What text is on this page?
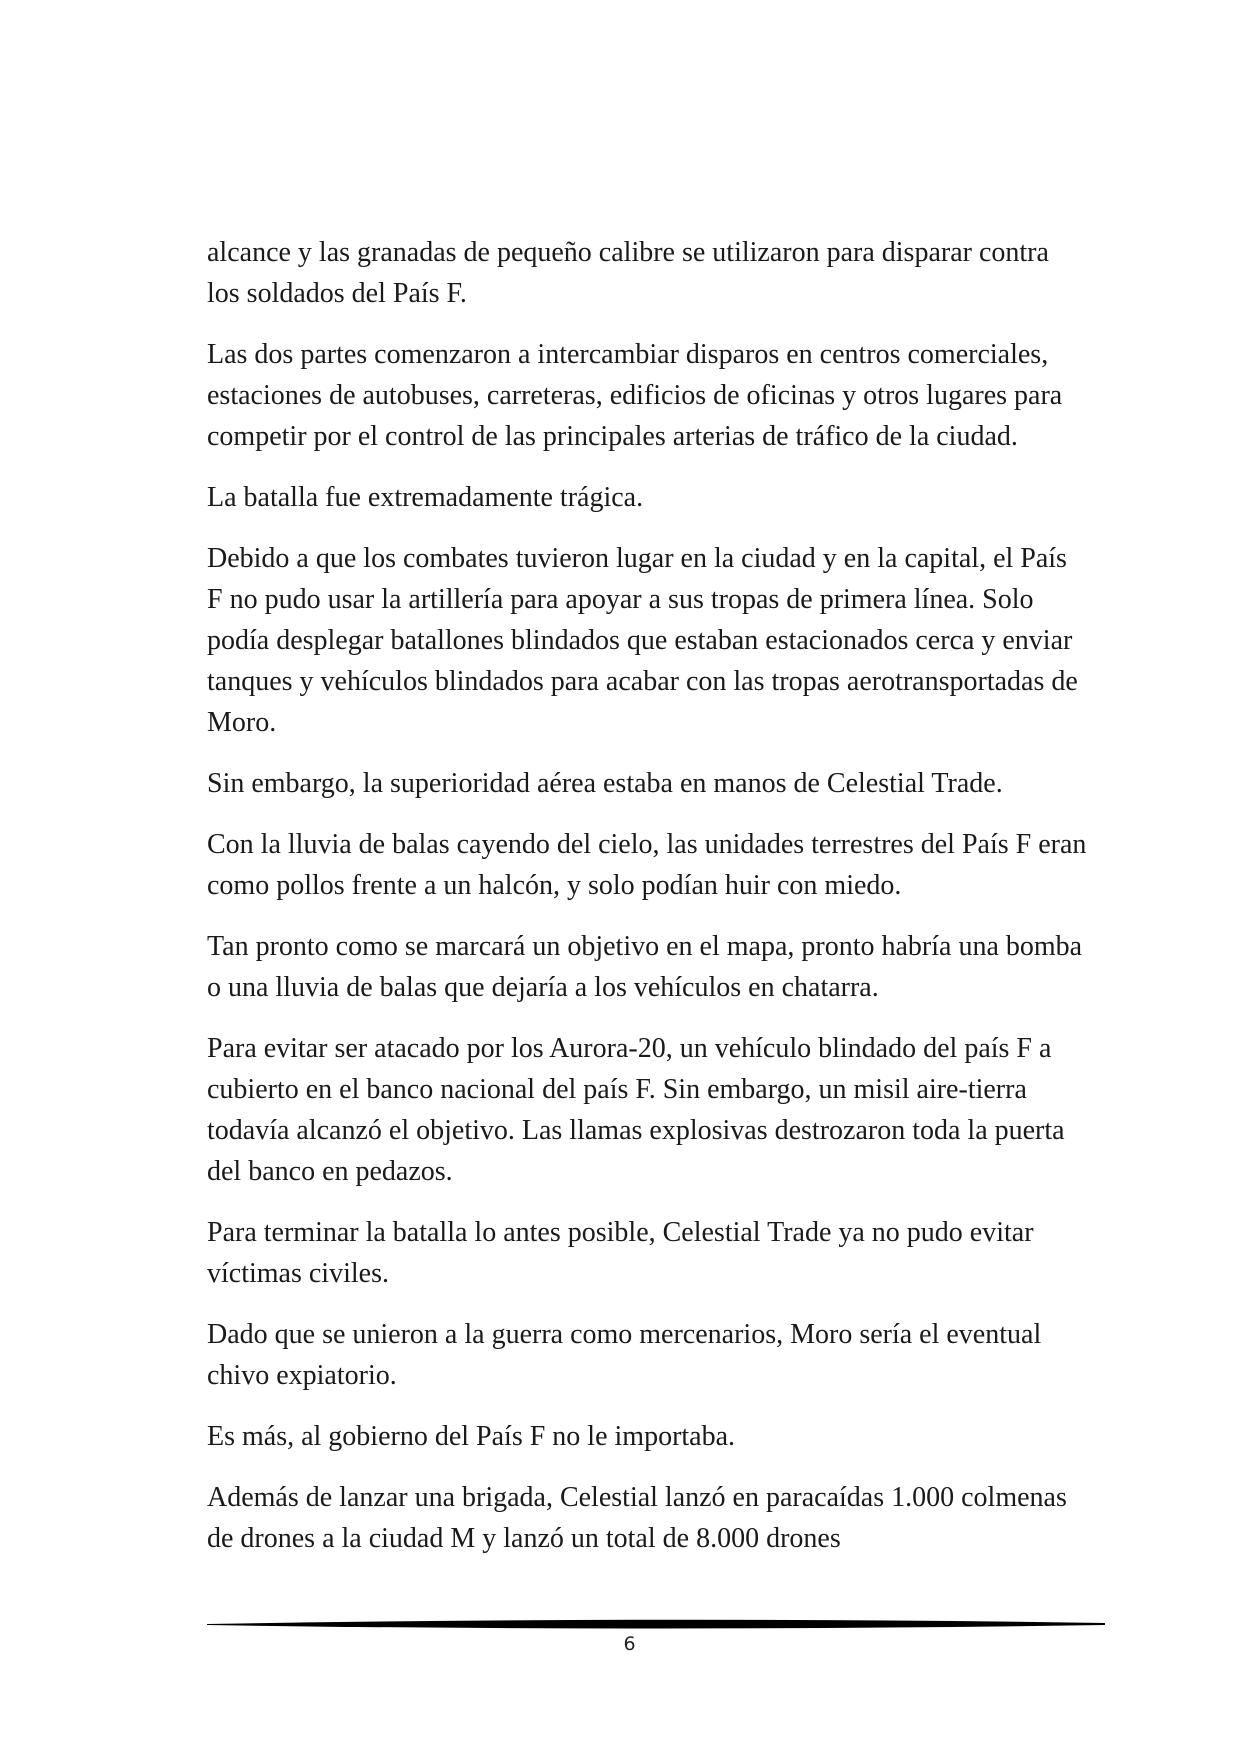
alcance y las granadas de pequeño calibre se utilizaron para disparar contra los soldados del País F.

Las dos partes comenzaron a intercambiar disparos en centros comerciales, estaciones de autobuses, carreteras, edificios de oficinas y otros lugares para competir por el control de las principales arterias de tráfico de la ciudad.

La batalla fue extremadamente trágica.

Debido a que los combates tuvieron lugar en la ciudad y en la capital, el País F no pudo usar la artillería para apoyar a sus tropas de primera línea. Solo podía desplegar batallones blindados que estaban estacionados cerca y enviar tanques y vehículos blindados para acabar con las tropas aerotransportadas de Moro.

Sin embargo, la superioridad aérea estaba en manos de Celestial Trade.

Con la lluvia de balas cayendo del cielo, las unidades terrestres del País F eran como pollos frente a un halcón, y solo podían huir con miedo.

Tan pronto como se marcará un objetivo en el mapa, pronto habría una bomba o una lluvia de balas que dejaría a los vehículos en chatarra.

Para evitar ser atacado por los Aurora-20, un vehículo blindado del país F a cubierto en el banco nacional del país F. Sin embargo, un misil aire-tierra todavía alcanzó el objetivo. Las llamas explosivas destrozaron toda la puerta del banco en pedazos.

Para terminar la batalla lo antes posible, Celestial Trade ya no pudo evitar víctimas civiles.

Dado que se unieron a la guerra como mercenarios, Moro sería el eventual chivo expiatorio.

Es más, al gobierno del País F no le importaba.

Además de lanzar una brigada, Celestial lanzó en paracaídas 1.000 colmenas de drones a la ciudad M y lanzó un total de 8.000 drones

6
